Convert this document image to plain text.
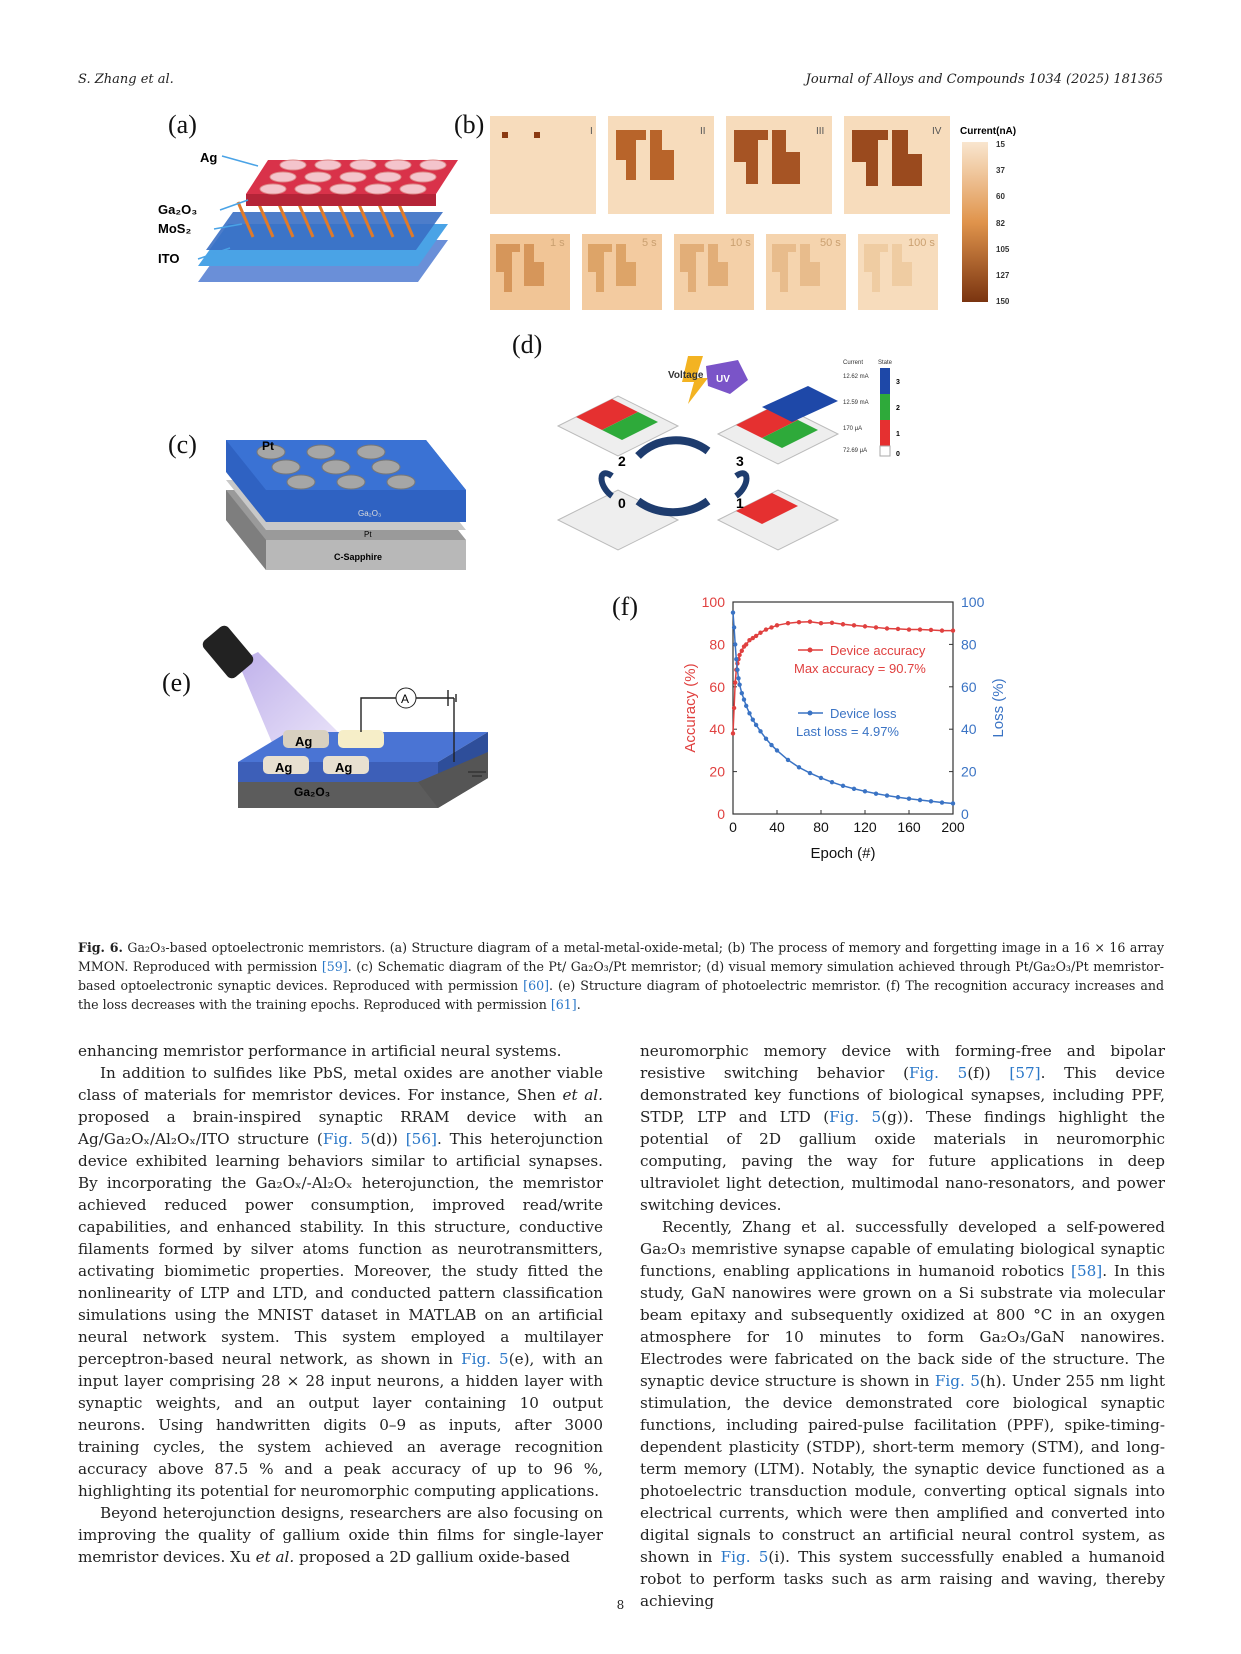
S. Zhang et al.	Journal of Alloys and Compounds 1034 (2025) 181365
(a)	(b)
(c)
(d)
(e)
(f)
Ag
Ga₂O₃
MoS₂
ITO
I	II	III	IV
1 s	5 s	10 s	50 s	100 s
Current(nA)
15
37
60
82
105
127
150
Pt
Ga₂O₃
Pt
C-Sapphire
2	3
0	1
Voltage UV
Current State
12.62 mA
12.59 mA
170 μA
72.69 μA
3
2
1
0
Ag
Ag	Ag
Ga₂O₃
Pt/SiO₂/Si
A
0 40 80 120 160 200
0
20
40
60
80
100
0
20
40
60
80
100
Device accuracy
Max accuracy = 90.7%
Device loss
Last loss = 4.97%
Epoch (#)
Accuracy (%)	Loss (%)
Fig. 6. Ga₂O₃-based optoelectronic memristors. (a) Structure diagram of a metal-metal-oxide-metal; (b) The process of memory and forgetting image in a 16 × 16 array MMON. Reproduced with permission [59]. (c) Schematic diagram of the Pt/ Ga₂O₃/Pt memristor; (d) visual memory simulation achieved through Pt/Ga₂O₃/Pt memristor-based optoelectronic synaptic devices. Reproduced with permission [60]. (e) Structure diagram of photoelectric memristor. (f) The recognition accuracy increases and the loss decreases with the training epochs. Reproduced with permission [61].

enhancing memristor performance in artificial neural systems.

In addition to sulfides like PbS, metal oxides are another viable class of materials for memristor devices. For instance, Shen et al. proposed a brain-inspired synaptic RRAM device with an Ag/Ga₂Oₓ/Al₂Oₓ/ITO structure (Fig. 5(d)) [56]. This heterojunction device exhibited learning behaviors similar to artificial synapses. By incorporating the Ga₂Oₓ/-Al₂Oₓ heterojunction, the memristor achieved reduced power consumption, improved read/write capabilities, and enhanced stability. In this structure, conductive filaments formed by silver atoms function as neurotransmitters, activating biomimetic properties. Moreover, the study fitted the nonlinearity of LTP and LTD, and conducted pattern classification simulations using the MNIST dataset in MATLAB on an artificial neural network system. This system employed a multilayer perceptron-based neural network, as shown in Fig. 5(e), with an input layer comprising 28 × 28 input neurons, a hidden layer with synaptic weights, and an output layer containing 10 output neurons. Using handwritten digits 0–9 as inputs, after 3000 training cycles, the system achieved an average recognition accuracy above 87.5 % and a peak accuracy of up to 96 %, highlighting its potential for neuromorphic computing applications.

Beyond heterojunction designs, researchers are also focusing on improving the quality of gallium oxide thin films for single-layer memristor devices. Xu et al. proposed a 2D gallium oxide-based

neuromorphic memory device with forming-free and bipolar resistive switching behavior (Fig. 5(f)) [57]. This device demonstrated key functions of biological synapses, including PPF, STDP, LTP and LTD (Fig. 5(g)). These findings highlight the potential of 2D gallium oxide materials in neuromorphic computing, paving the way for future applications in deep ultraviolet light detection, multimodal nano-resonators, and power switching devices.

Recently, Zhang et al. successfully developed a self-powered Ga₂O₃ memristive synapse capable of emulating biological synaptic functions, enabling applications in humanoid robotics [58]. In this study, GaN nanowires were grown on a Si substrate via molecular beam epitaxy and subsequently oxidized at 800 °C in an oxygen atmosphere for 10 minutes to form Ga₂O₃/GaN nanowires. Electrodes were fabricated on the back side of the structure. The synaptic device structure is shown in Fig. 5(h). Under 255 nm light stimulation, the device demonstrated core biological synaptic functions, including paired-pulse facilitation (PPF), spike-timing-dependent plasticity (STDP), short-term memory (STM), and long-term memory (LTM). Notably, the synaptic device functioned as a photoelectric transduction module, converting optical signals into electrical currents, which were then amplified and converted into digital signals to construct an artificial neural control system, as shown in Fig. 5(i). This system successfully enabled a humanoid robot to perform tasks such as arm raising and waving, thereby achieving

8
